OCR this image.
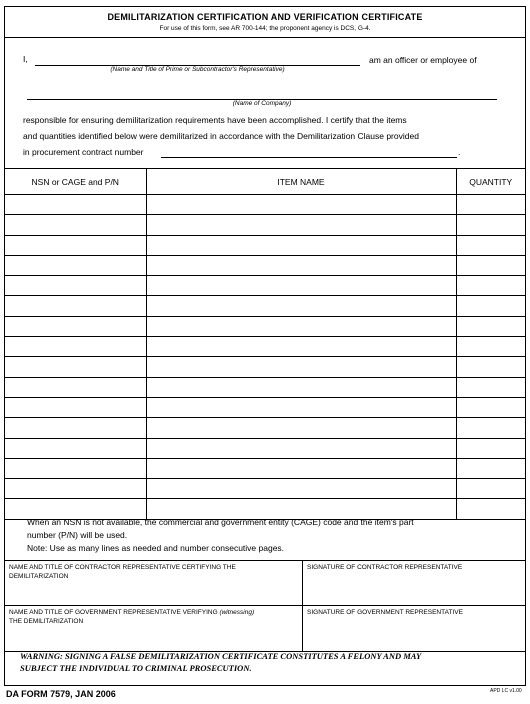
DEMILITARIZATION CERTIFICATION AND VERIFICATION CERTIFICATE
For use of this form, see AR 700-144; the proponent agency is DCS, G-4.
I,	am an officer or employee of
(Name and Title of Prime or Subcontractor's Representative)
(Name of Company)
responsible for ensuring demilitarization requirements have been accomplished. I certify that the items
and quantities identified below were demilitarized in accordance with the Demilitarization Clause provided
in procurement contract number	.
NSN or CAGE and P/N	ITEM NAME	QUANTITY

When an NSN is not available, the commercial and government entity (CAGE) code and the item's part
number (P/N) will be used.
Note: Use as many lines as needed and number consecutive pages.
NAME AND TITLE OF CONTRACTOR REPRESENTATIVE CERTIFYING THE
DEMILITARIZATION
SIGNATURE OF CONTRACTOR REPRESENTATIVE
NAME AND TITLE OF GOVERNMENT REPRESENTATIVE VERIFYING (witnessing)
THE DEMILITARIZATION
SIGNATURE OF GOVERNMENT REPRESENTATIVE
WARNING: SIGNING A FALSE DEMILITARIZATION CERTIFICATE CONSTITUTES A FELONY AND MAY
SUBJECT THE INDIVIDUAL TO CRIMINAL PROSECUTION.
DA FORM 7579, JAN 2006	APD LC v1.00
